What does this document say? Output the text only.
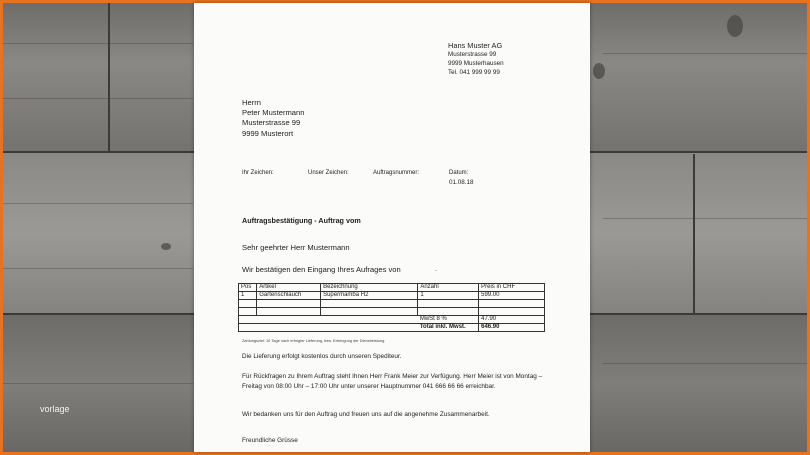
vorlage
Hans Muster AG
Musterstrasse 99
9999 Musterhausen
Tel. 041 999 99 99
Herrn
Peter Mustermann
Musterstrasse 99
9999 Musterort
Ihr Zeichen:	Unser Zeichen:	Auftragsnummer:	Datum:
01.08.18
Auftragsbestätigung - Auftrag vom
Sehr geehrter Herr Mustermann
Wir bestätigen den Eingang Ihres Aufrages von	.
Pos	Artikel	Bezeichnung	Anzahl	Preis in CHF
1	Gartenschlauch	Supermamba H2	1	599.00

			MwSt 8 %	47.90
			Total inkl. Mwst.	646.90
Zahlungsziel: 10 Tage nach erfolgter Lieferung, bzw. Erbringung der Dienstleistung.
Die Lieferung erfolgt kostenlos durch unseren Spediteur.
Für Rückfragen zu Ihrem Auftrag steht Ihnen Herr Frank Meier zur Verfügung. Herr Meier ist von Montag – Freitag von 08:00 Uhr – 17:00 Uhr unter unserer Hauptnummer 041 666 66 66 erreichbar.
Wir bedanken uns für den Auftrag und freuen uns auf die angenehme Zusammenarbeit.
Freundliche Grüsse
